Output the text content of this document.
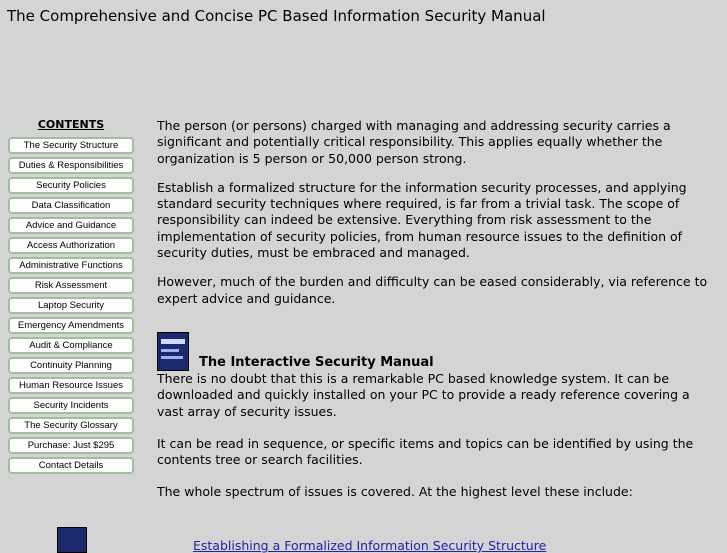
The Comprehensive and Concise PC Based Information Security Manual
CONTENTS
The Security Structure
Duties & Responsibilities
Security Policies
Data Classification
Advice and Guidance
Access Authorization
Administrative Functions
Risk Assessment
Laptop Security
Emergency Amendments
Audit & Compliance
Continuity Planning
Human Resource Issues
Security Incidents
The Security Glossary
Purchase: Just $295
Contact Details

The person (or persons) charged with managing and addressing security carries a significant and potentially critical responsibility. This applies equally whether the organization is 5 person or 50,000 person strong.

Establish a formalized structure for the information security processes, and applying standard security techniques where required, is far from a trivial task. The scope of responsibility can indeed be extensive. Everything from risk assessment to the implementation of security policies, from human resource issues to the definition of security duties, must be embraced and managed.

However, much of the burden and difficulty can be eased considerably, via reference to expert advice and guidance.

The Interactive Security Manual

There is no doubt that this is a remarkable PC based knowledge system. It can be downloaded and quickly installed on your PC to provide a ready reference covering a vast array of security issues.

It can be read in sequence, or specific items and topics can be identified by using the contents tree or search facilities.

The whole spectrum of issues is covered. At the highest level these include:

Establishing a Formalized Information Security Structure
